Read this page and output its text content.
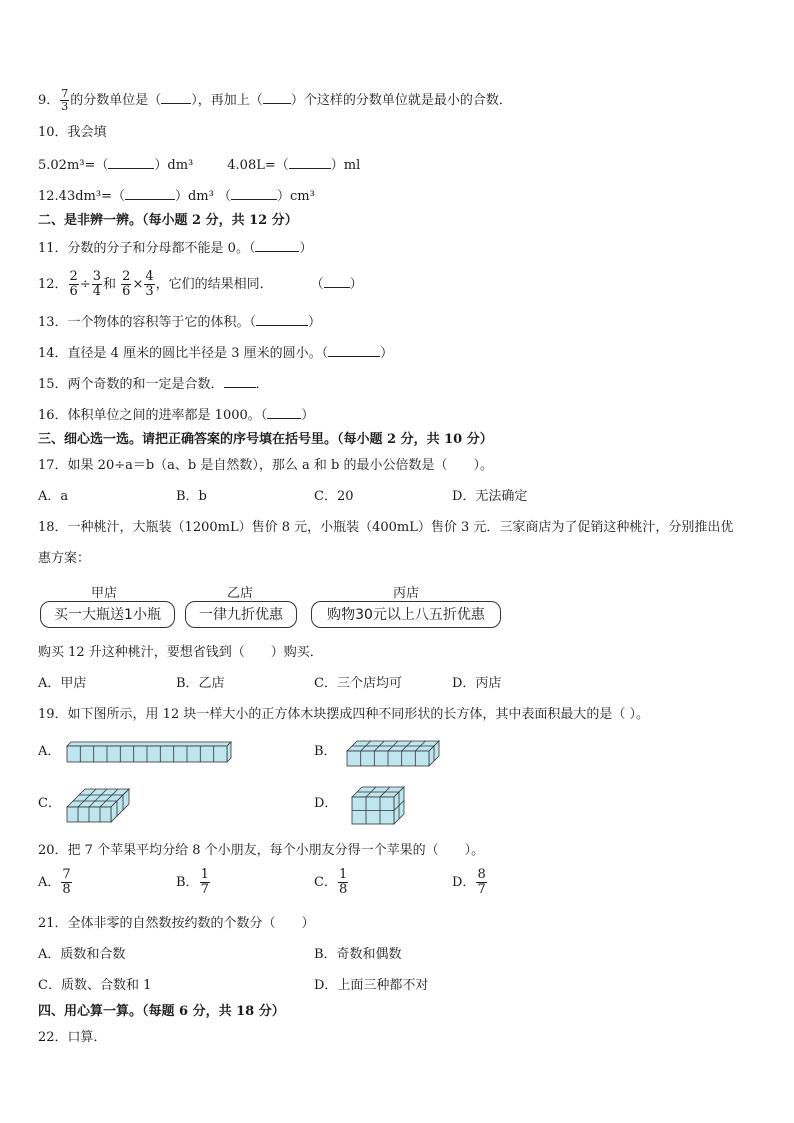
9． $\frac{7}{3}$ 的分数单位是（ ），再加上（ ）个这样的分数单位就是最小的合数．
10．我会填
5.02m³=（	）dm³	4.08L=（	）ml
12.43dm³=（	）dm³ （	）cm³
二、是非辨一辨。（每小题 2 分，共 12 分）
11．分数的分子和分母都不能是 0。（	）
12． $\frac{2}{6} \div \frac{3}{4}$ 和 $\frac{2}{6} \times \frac{4}{3}$ ，它们的结果相同．	（ ）
13．一个物体的容积等于它的体积。（	）
14．直径是 4 厘米的圆比半径是 3 厘米的圆小。（	）
15．两个奇数的和一定是合数． ．
16．体积单位之间的进率都是 1000。（	）
三、细心选一选。请把正确答案的序号填在括号里。（每小题 2 分，共 10 分）
17．如果 20÷a＝b（a、b 是自然数），那么 a 和 b 的最小公倍数是（　　）。
A．a	B．b	C．20	D．无法确定
18．一种桃汁，大瓶装（1200mL）售价 8 元，小瓶装（400mL）售价 3 元．三家商店为了促销这种桃汁，分别推出优
惠方案：
甲店	乙店	丙店
买一大瓶送1小瓶	一律九折优惠	购物30元以上八五折优惠
购买 12 升这种桃汁，要想省钱到（　　）购买．
A．甲店	B．乙店	C．三个店均可	D．丙店
19．如下图所示，用 12 块一样大小的正方体木块摆成四种不同形状的长方体，其中表面积最大的是（ ）。
A．	B．
C．	D．
20．把 7 个苹果平均分给 8 个小朋友，每个小朋友分得一个苹果的（　　）。
A． $\frac{7}{8}$	B． $\frac{1}{7}$	C． $\frac{1}{8}$	D． $\frac{8}{7}$
21．全体非零的自然数按约数的个数分（　　）
A．质数和合数	B．奇数和偶数
C．质数、合数和 1	D．上面三种都不对
四、用心算一算。（每题 6 分，共 18 分）
22．口算．
